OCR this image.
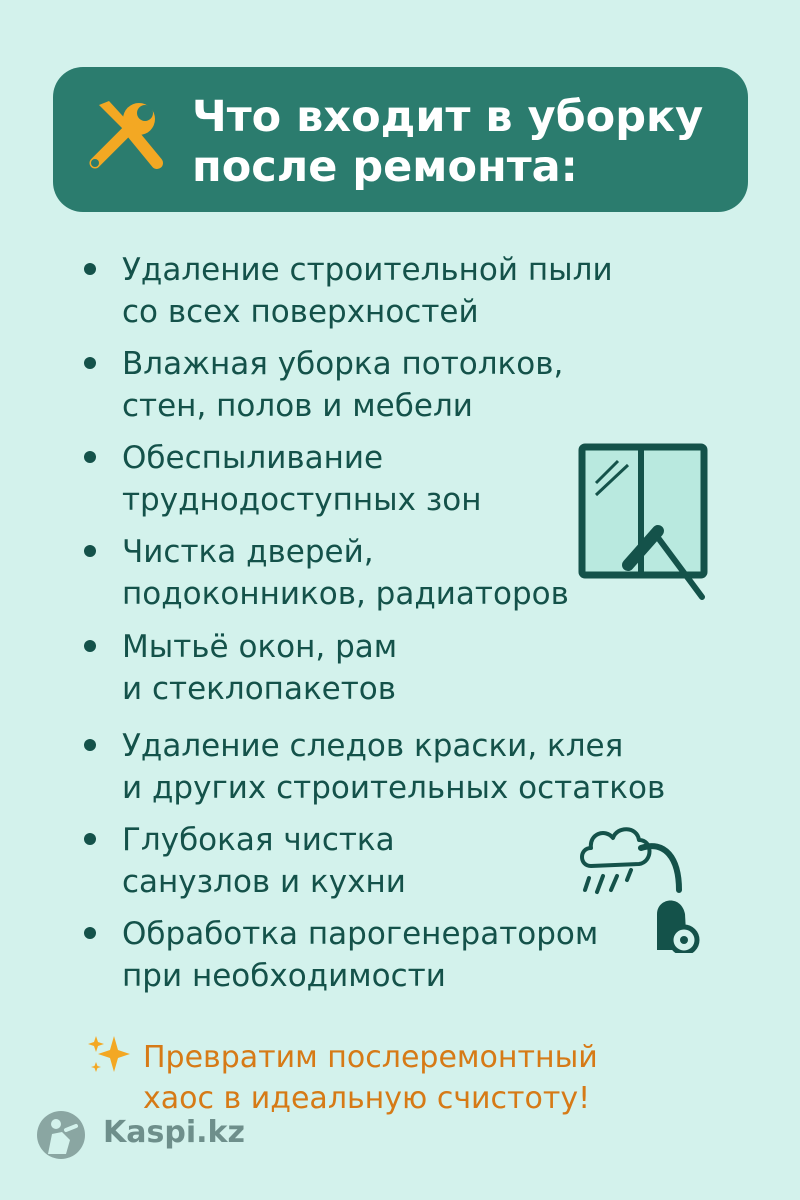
Что входит в уборку
после ремонта:
Удаление строительной пыли
со всех поверхностей
Влажная уборка потолков,
стен, полов и мебели
Обеспыливание
труднодоступных зон
Чистка дверей,
подоконников, радиаторов
Мытьё окон, рам
и стеклопакетов
Удаление следов краски, клея
и других строительных остатков
Глубокая чистка
санузлов и кухни
Обработка парогенератором
при необходимости
Превратим послеремонтный
хаос в идеальную счистоту!
Kaspi.kz
